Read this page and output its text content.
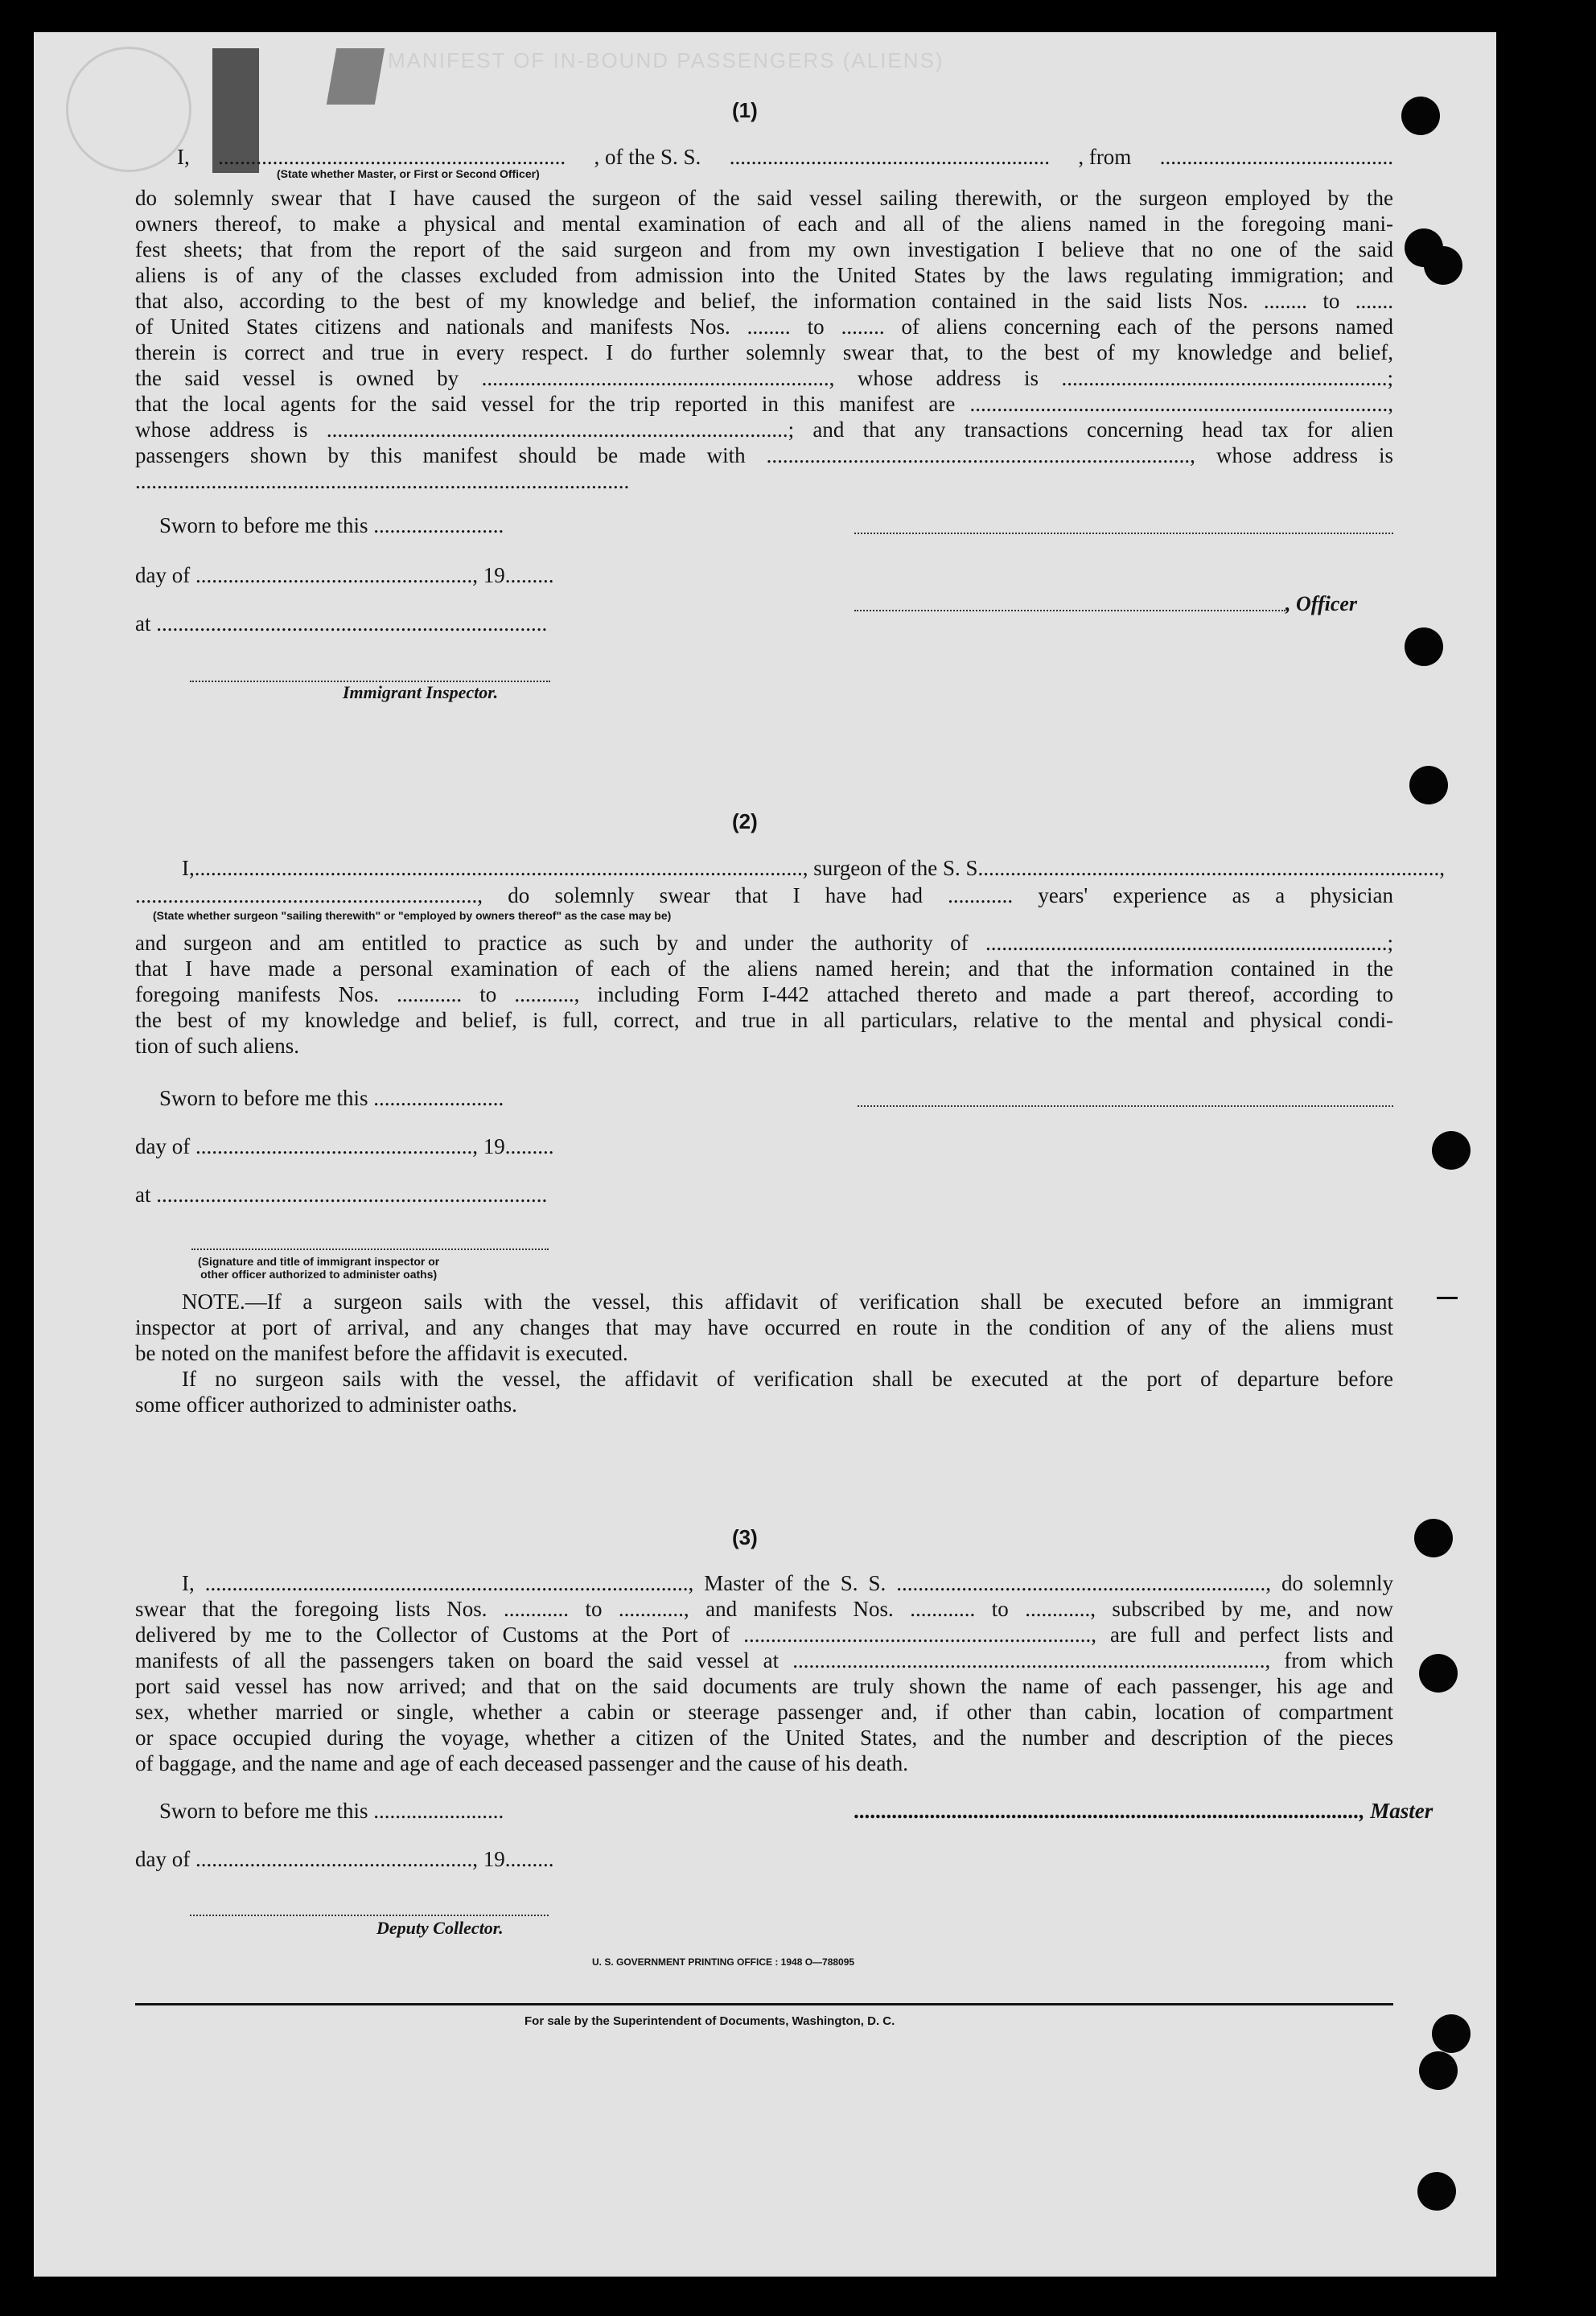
MANIFEST OF IN-BOUND PASSENGERS (ALIENS)
(1)
I, ................................................................ , of the S. S. ........................................................... , from ...........................................
(State whether Master, or First or Second Officer)
do solemnly swear that I have caused the surgeon of the said vessel sailing therewith, or the surgeon employed by the
owners thereof, to make a physical and mental examination of each and all of the aliens named in the foregoing mani-
fest sheets; that from the report of the said surgeon and from my own investigation I believe that no one of the said
aliens is of any of the classes excluded from admission into the United States by the laws regulating immigration; and
that also, according to the best of my knowledge and belief, the information contained in the said lists Nos. ........ to .......
of United States citizens and nationals and manifests Nos. ........ to ........ of aliens concerning each of the persons named
therein is correct and true in every respect. I do further solemnly swear that, to the best of my knowledge and belief,
the said vessel is owned by ................................................................, whose address is ............................................................;
that the local agents for the said vessel for the trip reported in this manifest are .............................................................................,
whose address is .....................................................................................; and that any transactions concerning head tax for alien
passengers shown by this manifest should be made with .............................................................................., whose address is
...........................................................................................
Sworn to before me this ........................
day of ..................................................., 19.........
, Officer
at ........................................................................
Immigrant Inspector.
(2)
I, ................................................................................................................ , surgeon of the S. S. .................................................................................... ,
..............................................................., do solemnly swear that I have had ............ years' experience as a physician
(State whether surgeon "sailing therewith" or "employed by owners thereof" as the case may be)
and surgeon and am entitled to practice as such by and under the authority of ..........................................................................;
that I have made a personal examination of each of the aliens named herein; and that the information contained in the
foregoing manifests Nos. ............ to ..........., including Form I-442 attached thereto and made a part thereof, according to
the best of my knowledge and belief, is full, correct, and true in all particulars, relative to the mental and physical condi-
tion of such aliens.
Sworn to before me this ........................
day of ..................................................., 19.........
at ........................................................................
(Signature and title of immigrant inspector or
other officer authorized to administer oaths)
NOTE.—If a surgeon sails with the vessel, this affidavit of verification shall be executed before an immigrant
inspector at port of arrival, and any changes that may have occurred en route in the condition of any of the aliens must
be noted on the manifest before the affidavit is executed.
If no surgeon sails with the vessel, the affidavit of verification shall be executed at the port of departure before
some officer authorized to administer oaths.
(3)
I, ........................................................................................., Master of the S. S. ...................................................................., do solemnly
swear that the foregoing lists Nos. ............ to ............, and manifests Nos. ............ to ............, subscribed by me, and now
delivered by me to the Collector of Customs at the Port of ................................................................, are full and perfect lists and
manifests of all the passengers taken on board the said vessel at ......................................................................................., from which
port said vessel has now arrived; and that on the said documents are truly shown the name of each passenger, his age and
sex, whether married or single, whether a cabin or steerage passenger and, if other than cabin, location of compartment
or space occupied during the voyage, whether a citizen of the United States, and the number and description of the pieces
of baggage, and the name and age of each deceased passenger and the cause of his death.
Sworn to before me this ........................	............................................................................................., Master
day of ..................................................., 19.........
Deputy Collector.
U. S. GOVERNMENT PRINTING OFFICE : 1948 O—788095
For sale by the Superintendent of Documents, Washington, D. C.
